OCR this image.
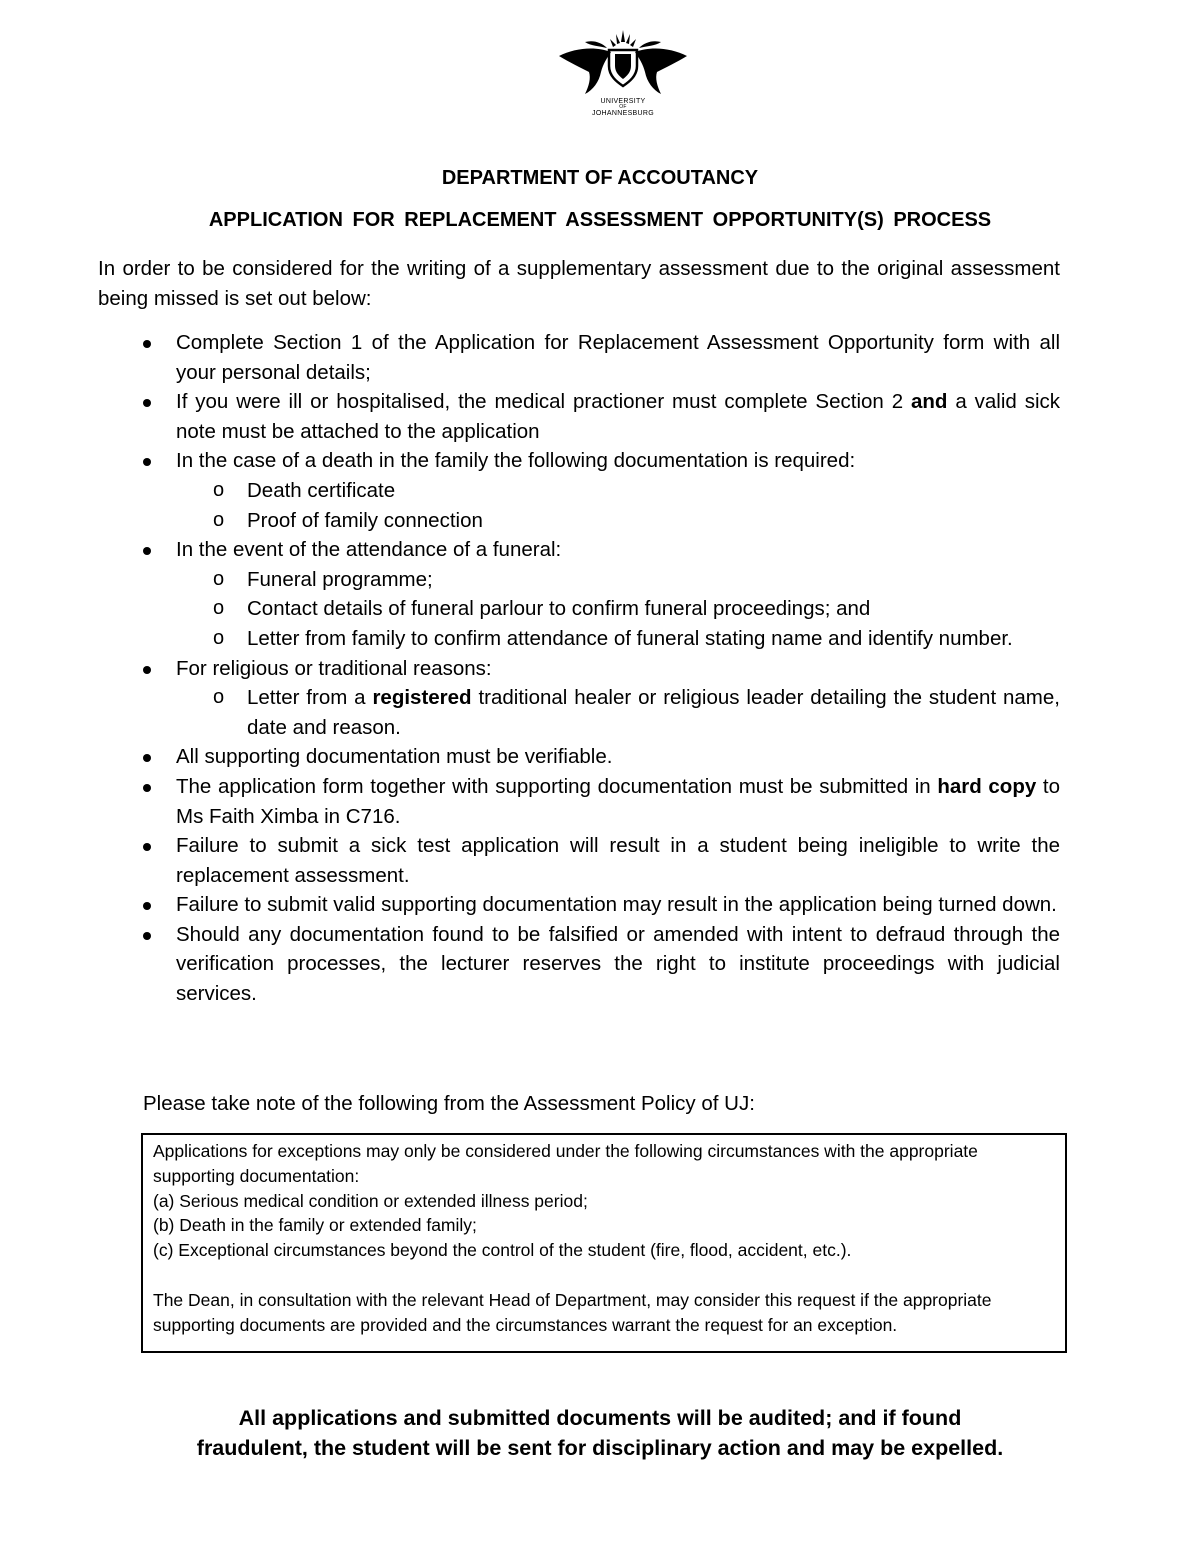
UNIVERSITY
OF
JOHANNESBURG
DEPARTMENT OF ACCOUTANCY
APPLICATION FOR REPLACEMENT ASSESSMENT OPPORTUNITY(S) PROCESS
In order to be considered for the writing of a supplementary assessment due to the original assessment being missed is set out below:
Complete Section 1 of the Application for Replacement Assessment Opportunity form with all your personal details;
If you were ill or hospitalised, the medical practioner must complete Section 2 and a valid sick note must be attached to the application
In the case of a death in the family the following documentation is required:
o Death certificate
o Proof of family connection
In the event of the attendance of a funeral:
o Funeral programme;
o Contact details of funeral parlour to confirm funeral proceedings; and
o Letter from family to confirm attendance of funeral stating name and identify number.
For religious or traditional reasons:
o Letter from a registered traditional healer or religious leader detailing the student name, date and reason.
All supporting documentation must be verifiable.
The application form together with supporting documentation must be submitted in hard copy to Ms Faith Ximba in C716.
Failure to submit a sick test application will result in a student being ineligible to write the replacement assessment.
Failure to submit valid supporting documentation may result in the application being turned down.
Should any documentation found to be falsified or amended with intent to defraud through the verification processes, the lecturer reserves the right to institute proceedings with judicial services.
Please take note of the following from the Assessment Policy of UJ:

Applications for exceptions may only be considered under the following circumstances with the appropriate supporting documentation:

(a) Serious medical condition or extended illness period;

(b) Death in the family or extended family;

(c) Exceptional circumstances beyond the control of the student (fire, flood, accident, etc.).

The Dean, in consultation with the relevant Head of Department, may consider this request if the appropriate supporting documents are provided and the circumstances warrant the request for an exception.

All applications and submitted documents will be audited; and if found
fraudulent, the student will be sent for disciplinary action and may be expelled.
